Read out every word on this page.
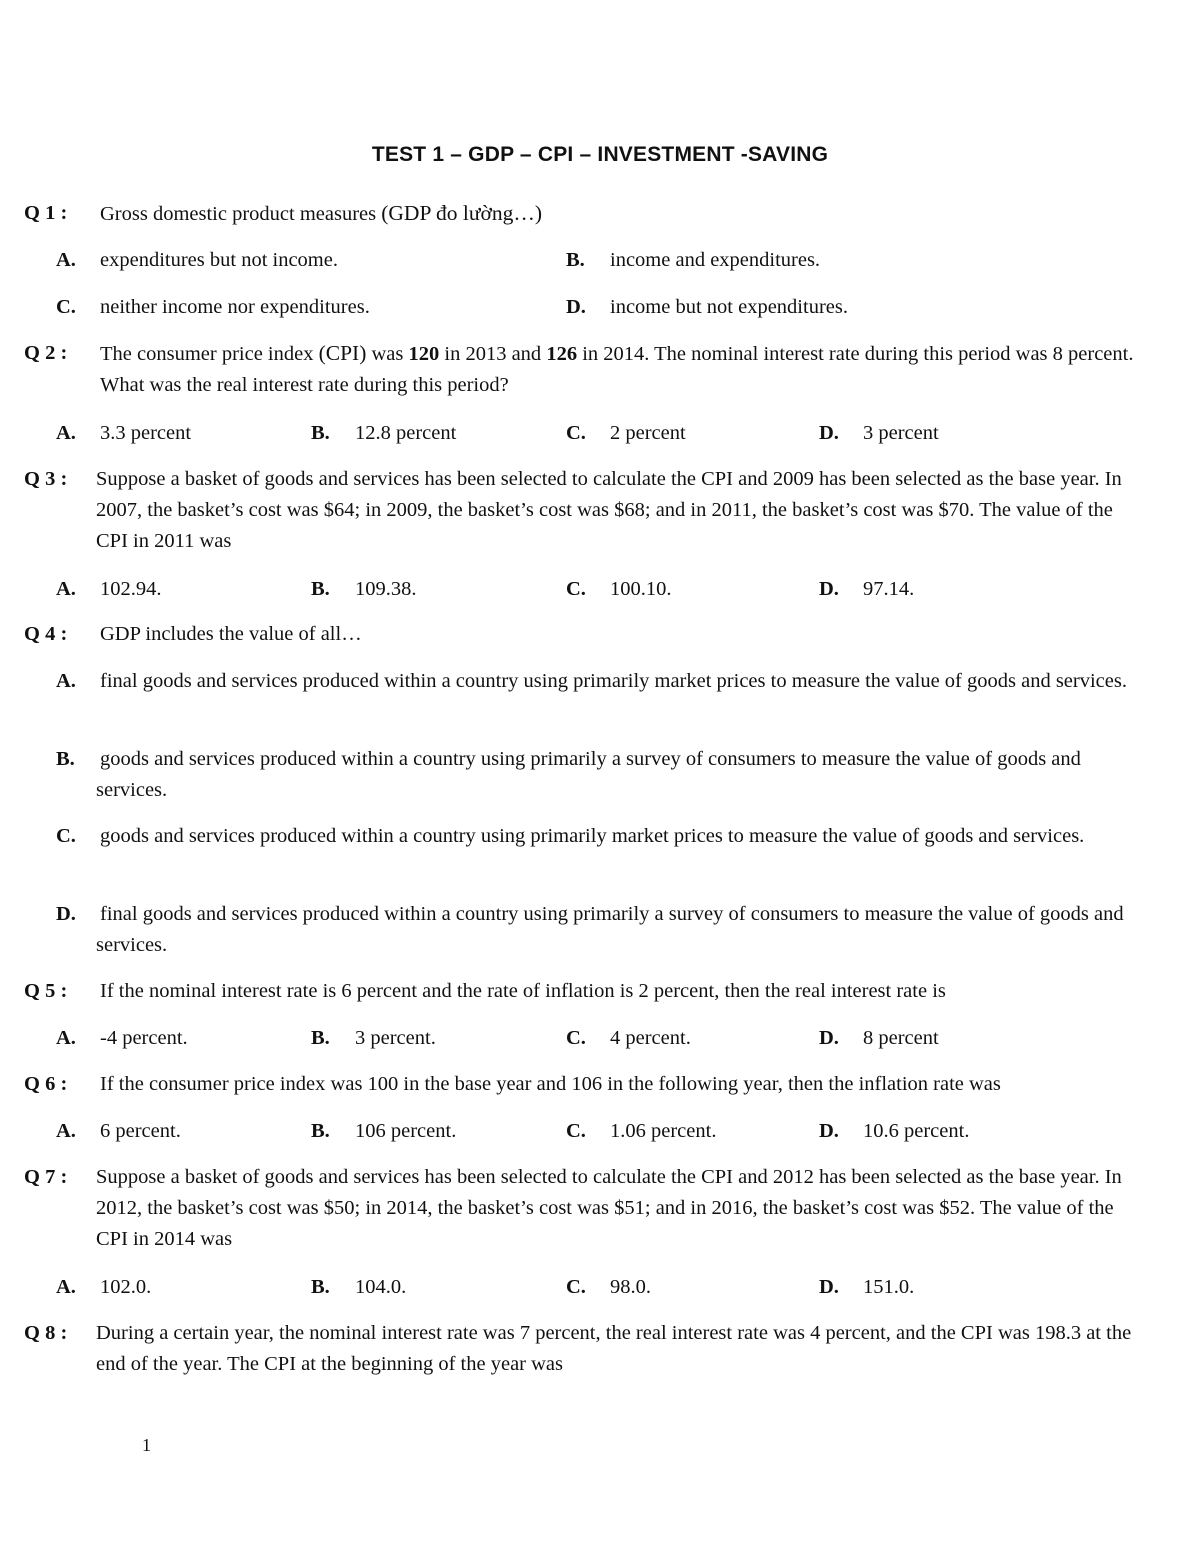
TEST 1 – GDP – CPI – INVESTMENT -SAVING
Q 1 : Gross domestic product measures (GDP đo lường…)
A. expenditures but not income.	B. income and expenditures.
C. neither income nor expenditures.	D. income but not expenditures.
Q 2 :	The consumer price index (CPI) was 120 in 2013 and 126 in 2014. The nominal interest rate during this period was 8 percent. What was the real interest rate during this period?
A. 3.3 percent	B. 12.8 percent	C. 2 percent	D. 3 percent
Q 3 :	Suppose a basket of goods and services has been selected to calculate the CPI and 2009 has been selected as the base year. In 2007, the basket’s cost was $64; in 2009, the basket’s cost was $68; and in 2011, the basket’s cost was $70. The value of the CPI in 2011 was
A. 102.94.	B. 109.38.	C. 100.10.	D. 97.14.
Q 4 :	GDP includes the value of all…
A. final goods and services produced within a country using primarily market prices to measure the value of goods and services.
B. goods and services produced within a country using primarily a survey of consumers to measure the value of goods and services.
C. goods and services produced within a country using primarily market prices to measure the value of goods and services.
D. final goods and services produced within a country using primarily a survey of consumers to measure the value of goods and services.
Q 5 :	If the nominal interest rate is 6 percent and the rate of inflation is 2 percent, then the real interest rate is
A. -4 percent.	B. 3 percent.	C. 4 percent.	D. 8 percent
Q 6 :	If the consumer price index was 100 in the base year and 106 in the following year, then the inflation rate was
A. 6 percent.	B. 106 percent.	C. 1.06 percent.	D. 10.6 percent.
Q 7 :	Suppose a basket of goods and services has been selected to calculate the CPI and 2012 has been selected as the base year. In 2012, the basket’s cost was $50; in 2014, the basket’s cost was $51; and in 2016, the basket’s cost was $52. The value of the CPI in 2014 was
A. 102.0.	B. 104.0.	C. 98.0.	D. 151.0.
Q 8 :	During a certain year, the nominal interest rate was 7 percent, the real interest rate was 4 percent, and the CPI was 198.3 at the end of the year. The CPI at the beginning of the year was
1
